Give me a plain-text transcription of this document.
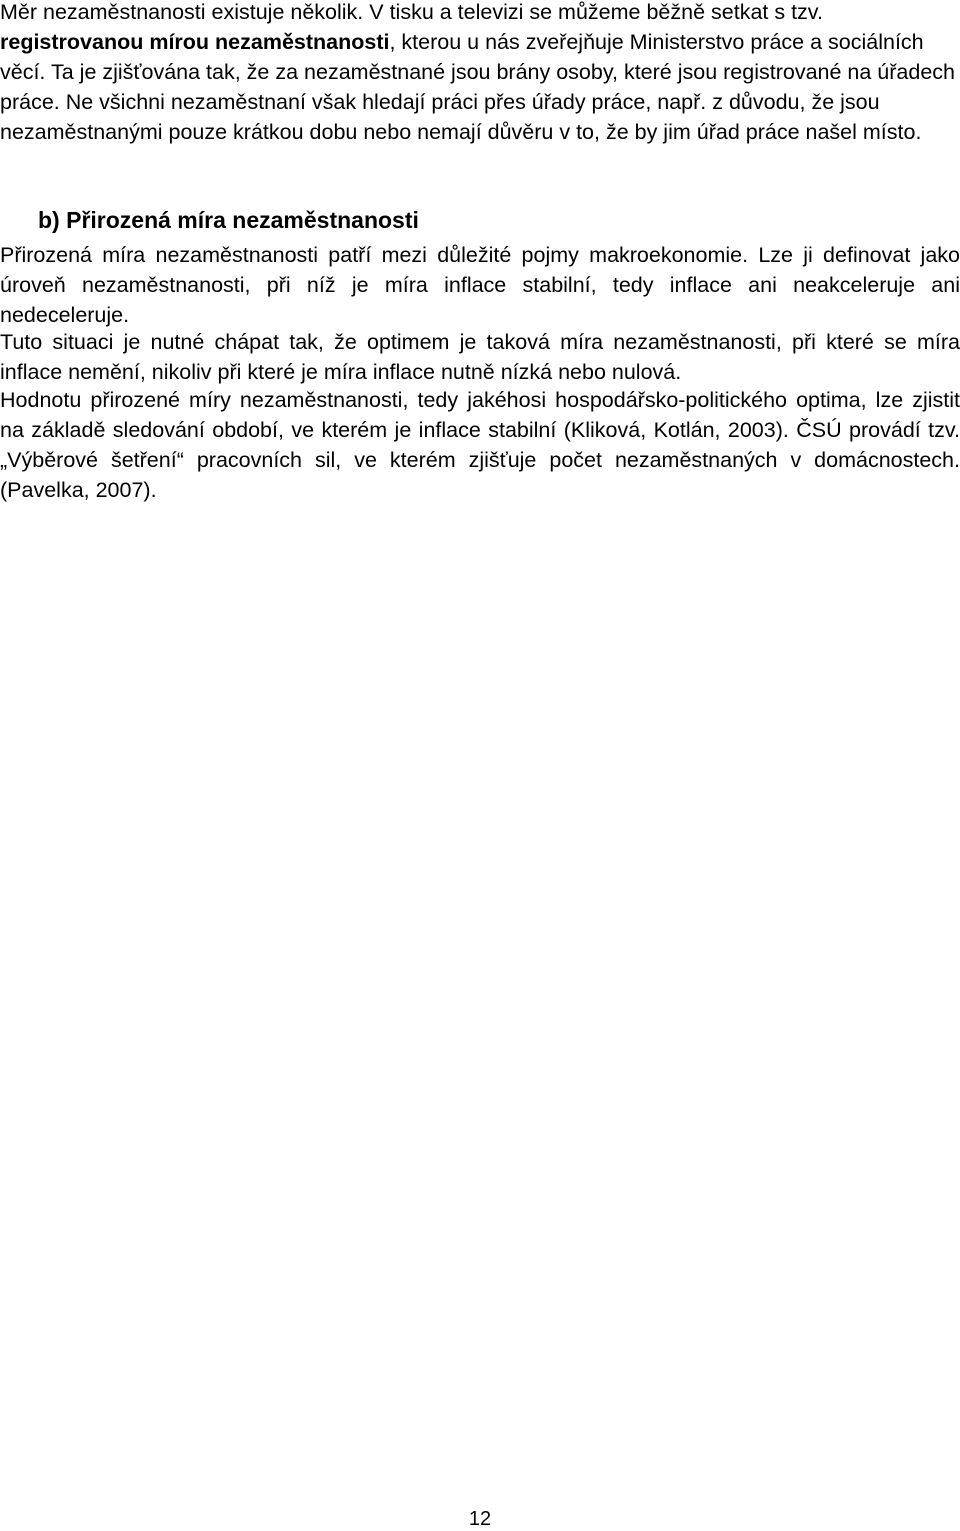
Měr nezaměstnanosti existuje několik. V tisku a televizi se můžeme běžně setkat s tzv. registrovanou mírou nezaměstnanosti, kterou u nás zveřejňuje Ministerstvo práce a sociálních věcí. Ta je zjišťována tak, že za nezaměstnané jsou brány osoby, které jsou registrované na úřadech práce. Ne všichni nezaměstnaní však hledají práci přes úřady práce, např. z důvodu, že jsou nezaměstnanými pouze krátkou dobu nebo nemají důvěru v to, že by jim úřad práce našel místo.

b) Přirozená míra nezaměstnanosti

Přirozená míra nezaměstnanosti patří mezi důležité pojmy makroekonomie. Lze ji definovat jako úroveň nezaměstnanosti, při níž je míra inflace stabilní, tedy inflace ani neakceleruje ani nedeceleruje.

Tuto situaci je nutné chápat tak, že optimem je taková míra nezaměstnanosti, při které se míra inflace nemění, nikoliv při které je míra inflace nutně nízká nebo nulová.

Hodnotu přirozené míry nezaměstnanosti, tedy jakéhosi hospodářsko-politického optima, lze zjistit na základě sledování období, ve kterém je inflace stabilní (Kliková, Kotlán, 2003). ČSÚ provádí tzv. „Výběrové šetření“ pracovních sil, ve kterém zjišťuje počet nezaměstnaných v domácnostech. (Pavelka, 2007).

12
